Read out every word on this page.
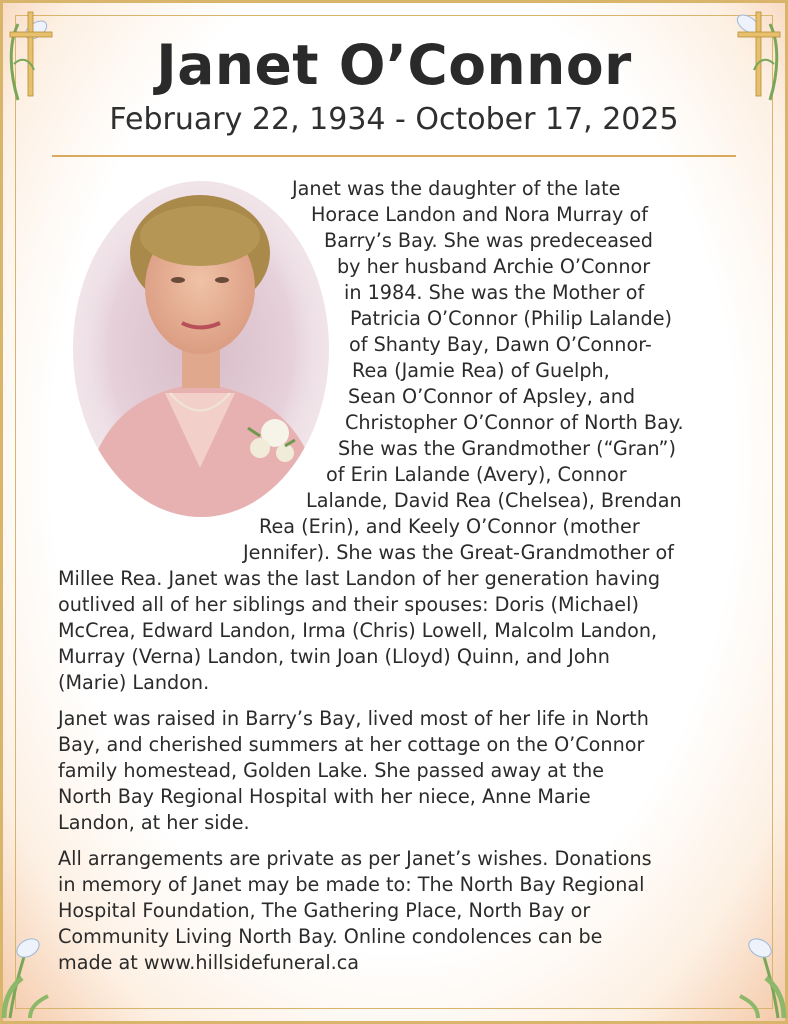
Janet O’Connor
February 22, 1934 - October 17, 2025
Janet was the daughter of the late
Horace Landon and Nora Murray of
Barry’s Bay. She was predeceased
by her husband Archie O’Connor
in 1984. She was the Mother of
Patricia O’Connor (Philip Lalande)
of Shanty Bay, Dawn O’Connor-
Rea (Jamie Rea) of Guelph,
Sean O’Connor of Apsley, and
Christopher O’Connor of North Bay.
She was the Grandmother (“Gran”)
of Erin Lalande (Avery), Connor
Lalande, David Rea (Chelsea), Brendan
Rea (Erin), and Keely O’Connor (mother
Jennifer). She was the Great-Grandmother of
Millee Rea. Janet was the last Landon of her generation having
outlived all of her siblings and their spouses: Doris (Michael)
McCrea, Edward Landon, Irma (Chris) Lowell, Malcolm Landon,
Murray (Verna) Landon, twin Joan (Lloyd) Quinn, and John
(Marie) Landon.
Janet was raised in Barry’s Bay, lived most of her life in North
Bay, and cherished summers at her cottage on the O’Connor
family homestead, Golden Lake. She passed away at the
North Bay Regional Hospital with her niece, Anne Marie
Landon, at her side.
All arrangements are private as per Janet’s wishes. Donations
in memory of Janet may be made to: The North Bay Regional
Hospital Foundation, The Gathering Place, North Bay or
Community Living North Bay. Online condolences can be
made at www.hillsidefuneral.ca
